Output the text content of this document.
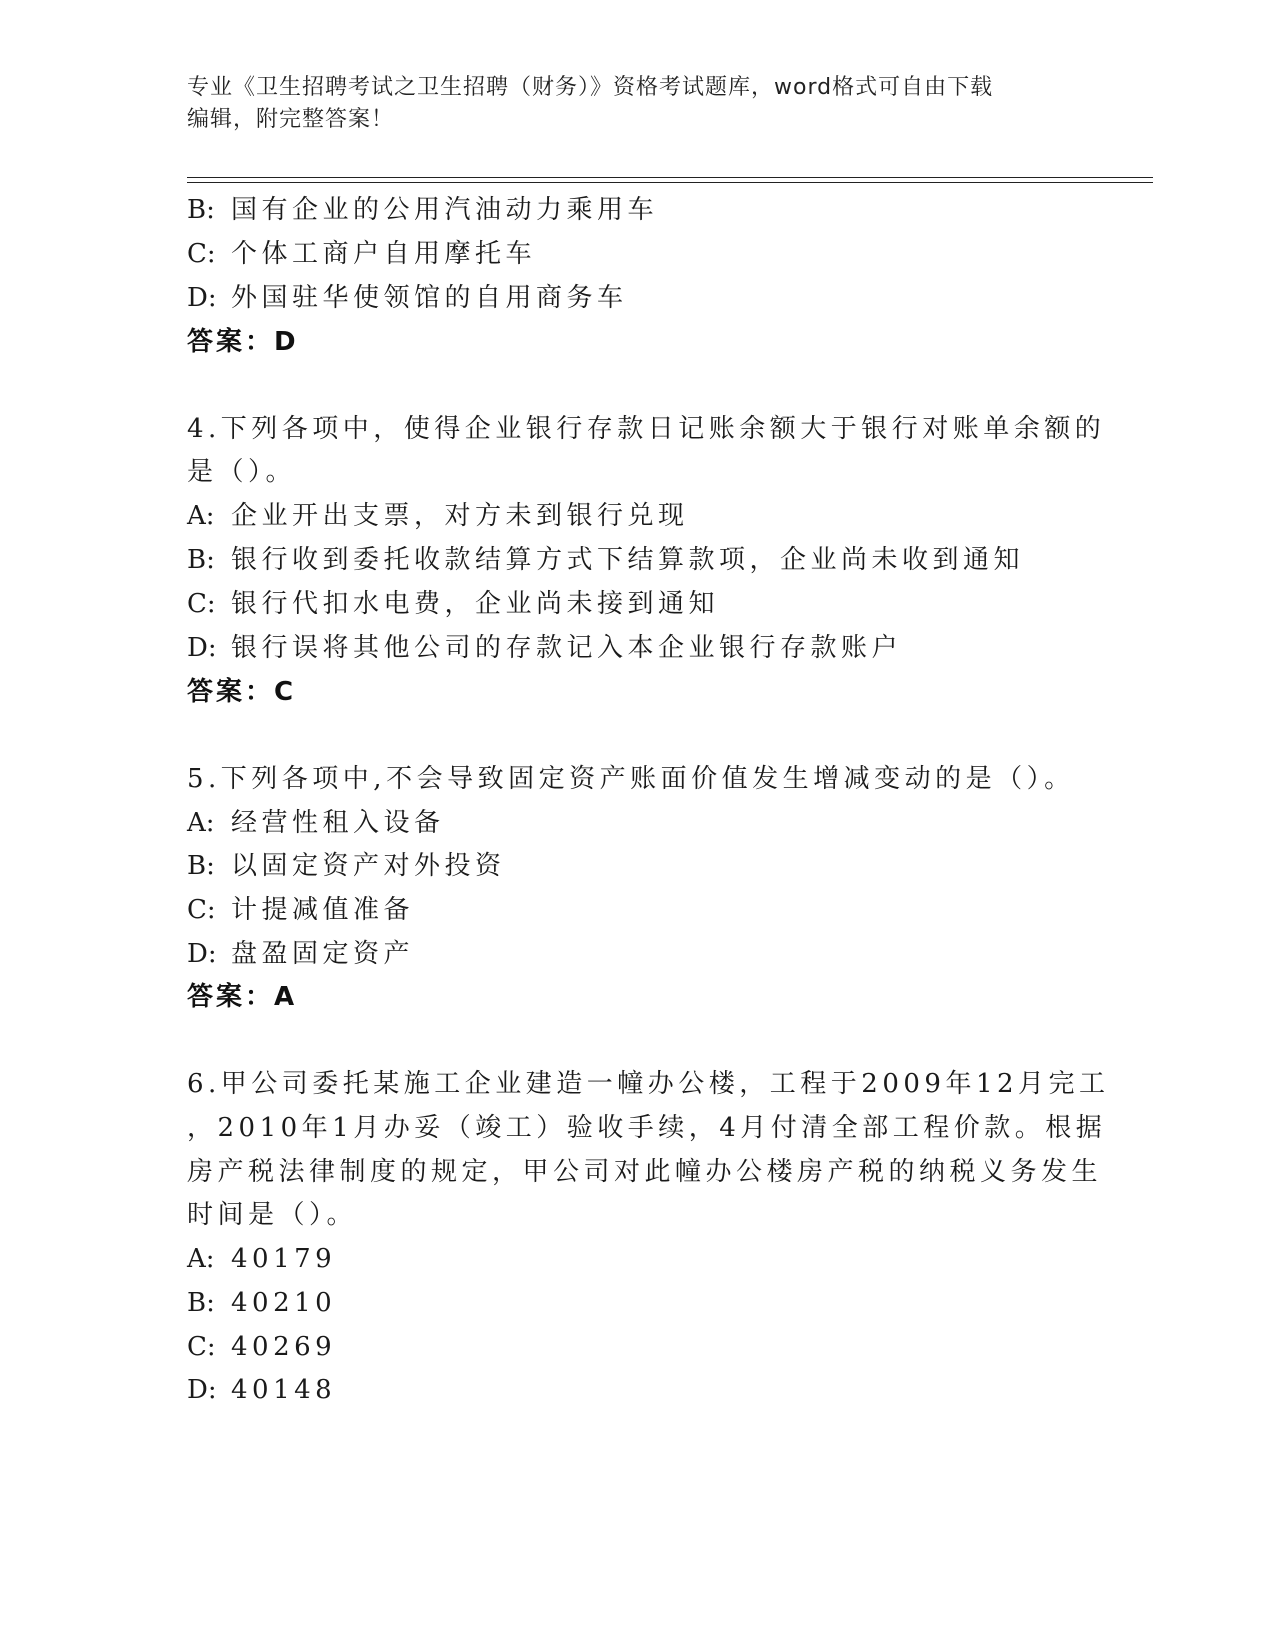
专业《卫生招聘考试之卫生招聘（财务）》资格考试题库，word格式可自由下载
编辑，附完整答案！
B: 国有企业的公用汽油动力乘用车
C: 个体工商户自用摩托车
D: 外国驻华使领馆的自用商务车
答案：D
4.下列各项中，使得企业银行存款日记账余额大于银行对账单余额的
是（）。
A: 企业开出支票，对方未到银行兑现
B: 银行收到委托收款结算方式下结算款项，企业尚未收到通知
C: 银行代扣水电费，企业尚未接到通知
D: 银行误将其他公司的存款记入本企业银行存款账户
答案：C
5.下列各项中,不会导致固定资产账面价值发生增减变动的是（）。
A: 经营性租入设备
B: 以固定资产对外投资
C: 计提减值准备
D: 盘盈固定资产
答案：A
6.甲公司委托某施工企业建造一幢办公楼，工程于2009年12月完工
，2010年1月办妥（竣工）验收手续，4月付清全部工程价款。根据
房产税法律制度的规定，甲公司对此幢办公楼房产税的纳税义务发生
时间是（）。
A: 40179
B: 40210
C: 40269
D: 40148
